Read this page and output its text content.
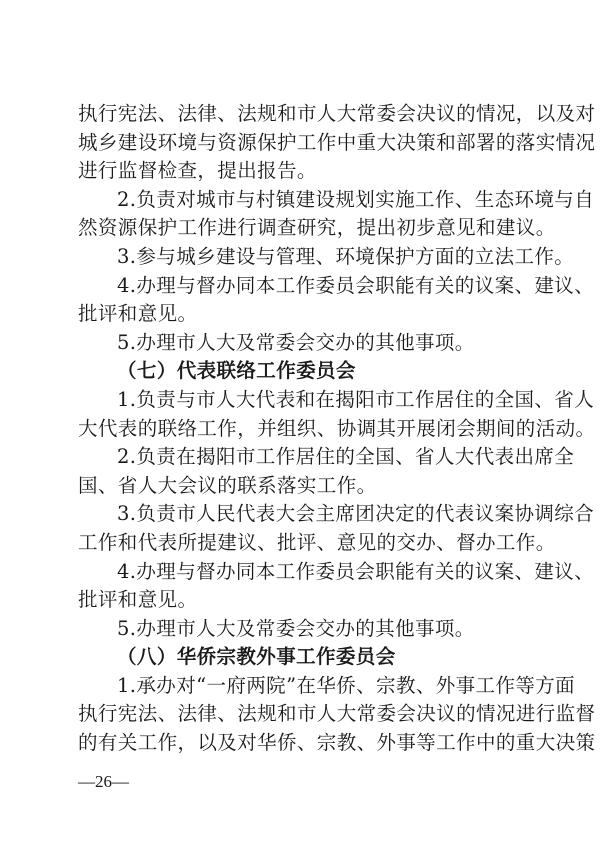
执行宪法、法律、法规和市人大常委会决议的情况，以及对
城乡建设环境与资源保护工作中重大决策和部署的落实情况
进行监督检查，提出报告。
2.负责对城市与村镇建设规划实施工作、生态环境与自
然资源保护工作进行调查研究，提出初步意见和建议。
3.参与城乡建设与管理、环境保护方面的立法工作。
4.办理与督办同本工作委员会职能有关的议案、建议、
批评和意见。
5.办理市人大及常委会交办的其他事项。
（七）代表联络工作委员会
1.负责与市人大代表和在揭阳市工作居住的全国、省人
大代表的联络工作，并组织、协调其开展闭会期间的活动。
2.负责在揭阳市工作居住的全国、省人大代表出席全
国、省人大会议的联系落实工作。
3.负责市人民代表大会主席团决定的代表议案协调综合
工作和代表所提建议、批评、意见的交办、督办工作。
4.办理与督办同本工作委员会职能有关的议案、建议、
批评和意见。
5.办理市人大及常委会交办的其他事项。
（八）华侨宗教外事工作委员会
1.承办对“一府两院”在华侨、宗教、外事工作等方面
执行宪法、法律、法规和市人大常委会决议的情况进行监督
的有关工作，以及对华侨、宗教、外事等工作中的重大决策
—26—
